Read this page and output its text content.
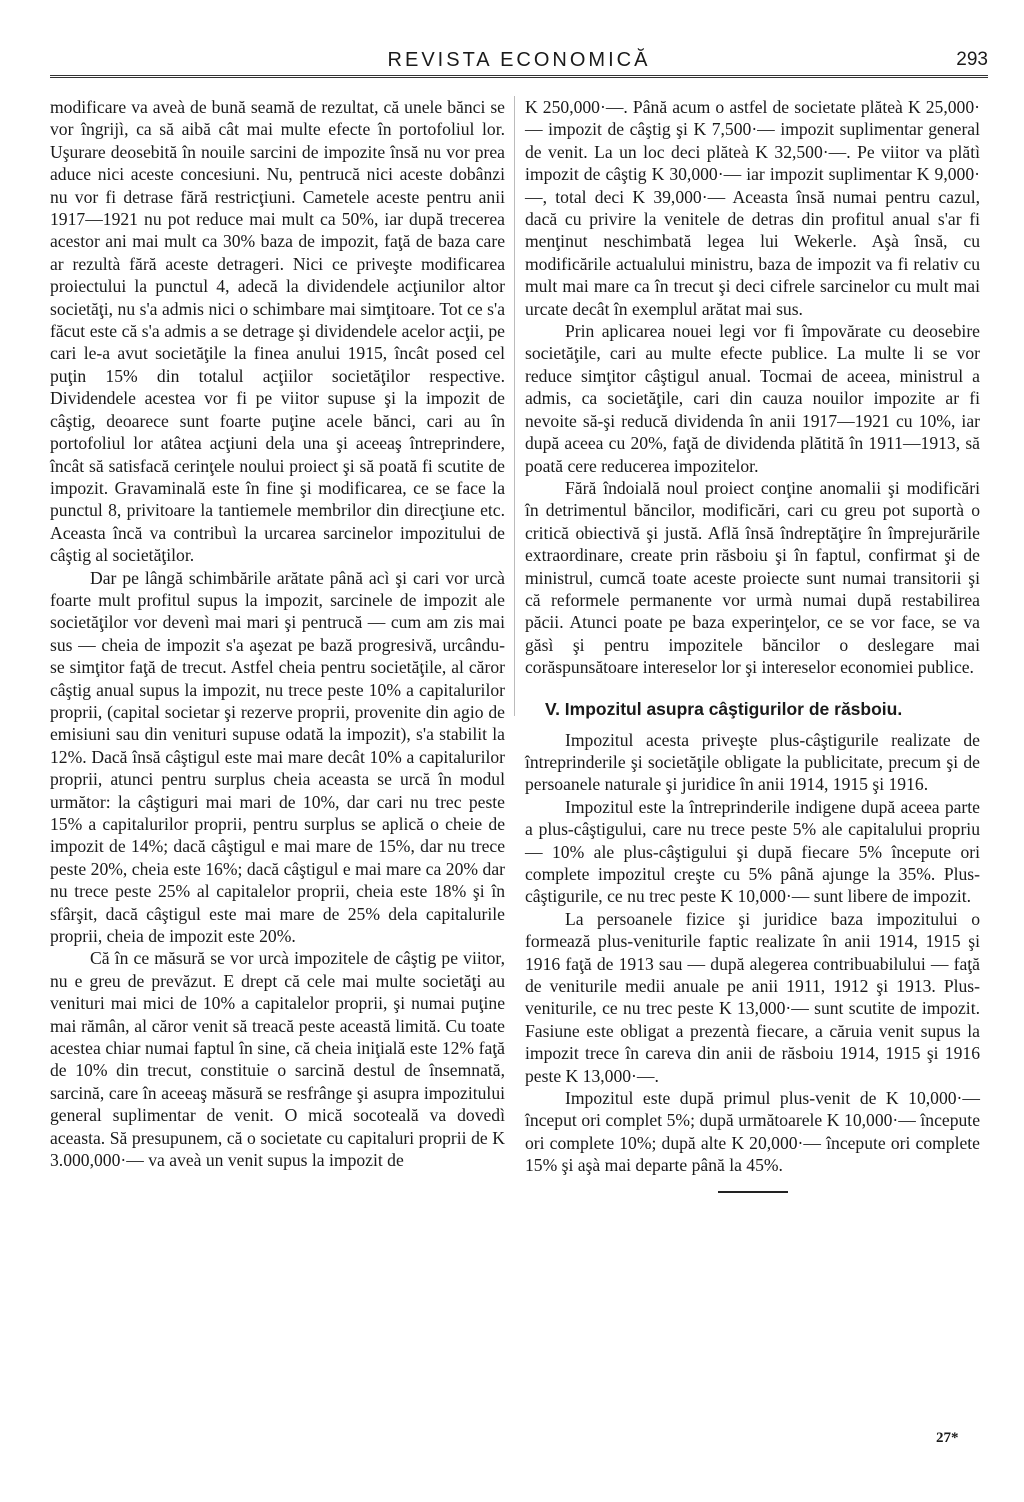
REVISTA ECONOMICĂ	293

modificare va aveà de bună seamă de rezultat, că unele bănci se vor îngrijì, ca să aibă cât mai multe efecte în portofoliul lor. Uşurare deosebită în nouile sarcini de impozite însă nu vor prea aduce nici aceste concesiuni. Nu, pentrucă nici aceste dobânzi nu vor fi detrase fără restricţiuni. Cametele aceste pentru anii 1917—1921 nu pot reduce mai mult ca 50%, iar după trecerea acestor ani mai mult ca 30% baza de impozit, faţă de baza care ar rezultà fără aceste detrageri. Nici ce priveşte modificarea proiectului la punctul 4, adecă la dividendele acţiunilor altor societăţi, nu s'a admis nici o schimbare mai simţitoare. Tot ce s'a făcut este că s'a admis a se detrage şi dividendele acelor acţii, pe cari le-a avut societăţile la finea anului 1915, încât posed cel puţin 15% din totalul acţiilor societăţilor respective. Dividendele acestea vor fi pe viitor supuse şi la impozit de câştig, deoarece sunt foarte puţine acele bănci, cari au în portofoliul lor atâtea acţiuni dela una şi aceeaş întreprindere, încât să satisfacă cerinţele noului proiect şi să poată fi scutite de impozit. Gravaminală este în fine şi modificarea, ce se face la punctul 8, privitoare la tantiemele membrilor din direcţiune etc. Aceasta încă va contribuì la urcarea sarcinelor impozitului de câştig al societăţilor.

Dar pe lângă schimbările arătate până acì şi cari vor urcà foarte mult profitul supus la impozit, sarcinele de impozit ale societăţilor vor devenì mai mari şi pentrucă — cum am zis mai sus — cheia de impozit s'a aşezat pe bază progresivă, urcându-se simţitor faţă de trecut. Astfel cheia pentru societăţile, al căror câştig anual supus la impozit, nu trece peste 10% a capitalurilor proprii, (capital societar şi rezerve proprii, provenite din agio de emisiuni sau din venituri supuse odată la impozit), s'a stabilit la 12%. Dacă însă câştigul este mai mare decât 10% a capitalurilor proprii, atunci pentru surplus cheia aceasta se urcă în modul următor: la câştiguri mai mari de 10%, dar cari nu trec peste 15% a capitalurilor proprii, pentru surplus se aplică o cheie de impozit de 14%; dacă câştigul e mai mare de 15%, dar nu trece peste 20%, cheia este 16%; dacă câştigul e mai mare ca 20% dar nu trece peste 25% al capitalelor proprii, cheia este 18% şi în sfârşit, dacă câştigul este mai mare de 25% dela capitalurile proprii, cheia de impozit este 20%.

Că în ce măsură se vor urcà impozitele de câştig pe viitor, nu e greu de prevăzut. E drept că cele mai multe societăţi au venituri mai mici de 10% a capitalelor proprii, şi numai puţine mai rămân, al căror venit să treacă peste această limită. Cu toate acestea chiar numai faptul în sine, că cheia iniţială este 12% faţă de 10% din trecut, constituie o sarcină destul de însemnată, sarcină, care în aceeaş măsură se resfrânge şi asupra impozitului general suplimentar de venit. O mică socoteală va dovedì aceasta. Să presupunem, că o societate cu capitaluri proprii de K 3.000,000·— va aveà un venit supus la impozit de

K 250,000·—. Până acum o astfel de societate plăteà K 25,000·— impozit de câştig şi K 7,500·— impozit suplimentar general de venit. La un loc deci plăteà K 32,500·—. Pe viitor va plătì impozit de câştig K 30,000·— iar impozit suplimentar K 9,000·—, total deci K 39,000·— Aceasta însă numai pentru cazul, dacă cu privire la venitele de detras din profitul anual s'ar fi menţinut neschimbată legea lui Wekerle. Aşà însă, cu modificările actualului ministru, baza de impozit va fi relativ cu mult mai mare ca în trecut şi deci cifrele sarcinelor cu mult mai urcate decât în exemplul arătat mai sus.

Prin aplicarea nouei legi vor fi împovărate cu deosebire societăţile, cari au multe efecte publice. La multe li se vor reduce simţitor câştigul anual. Tocmai de aceea, ministrul a admis, ca societăţile, cari din cauza nouilor impozite ar fi nevoite să-şi reducă dividenda în anii 1917—1921 cu 10%, iar după aceea cu 20%, faţă de dividenda plătită în 1911—1913, să poată cere reducerea impozitelor.

Fără îndoială noul proiect conţine anomalii şi modificări în detrimentul băncilor, modificări, cari cu greu pot suportà o critică obiectivă şi justă. Află însă îndreptăţire în împrejurările extraordinare, create prin răsboiu şi în faptul, confirmat şi de ministrul, cumcă toate aceste proiecte sunt numai transitorii şi că reformele permanente vor urmà numai după restabilirea păcii. Atunci poate pe baza experinţelor, ce se vor face, se va găsì şi pentru impozitele băncilor o deslegare mai corăspunsătoare intereselor lor şi intereselor economiei publice.

V. Impozitul asupra câştigurilor de răsboiu.

Impozitul acesta priveşte plus-câştigurile realizate de întreprinderile şi societăţile obligate la publicitate, precum şi de persoanele naturale şi juridice în anii 1914, 1915 şi 1916.

Impozitul este la întreprinderile indigene după aceea parte a plus-câştigului, care nu trece peste 5% ale capitalului propriu — 10% ale plus-câştigului şi după fiecare 5% începute ori complete impozitul creşte cu 5% până ajunge la 35%. Plus-câştigurile, ce nu trec peste K 10,000·— sunt libere de impozit.

La persoanele fizice şi juridice baza impozitului o formează plus-veniturile faptic realizate în anii 1914, 1915 şi 1916 faţă de 1913 sau — după alegerea contribuabilului — faţă de veniturile medii anuale pe anii 1911, 1912 şi 1913. Plus-veniturile, ce nu trec peste K 13,000·— sunt scutite de impozit. Fasiune este obligat a prezentà fiecare, a căruia venit supus la impozit trece în careva din anii de răsboiu 1914, 1915 şi 1916 peste K 13,000·—.

Impozitul este după primul plus-venit de K 10,000·— început ori complet 5%; după următoarele K 10,000·— începute ori complete 10%; după alte K 20,000·— începute ori complete 15% şi aşà mai departe până la 45%.

27*
